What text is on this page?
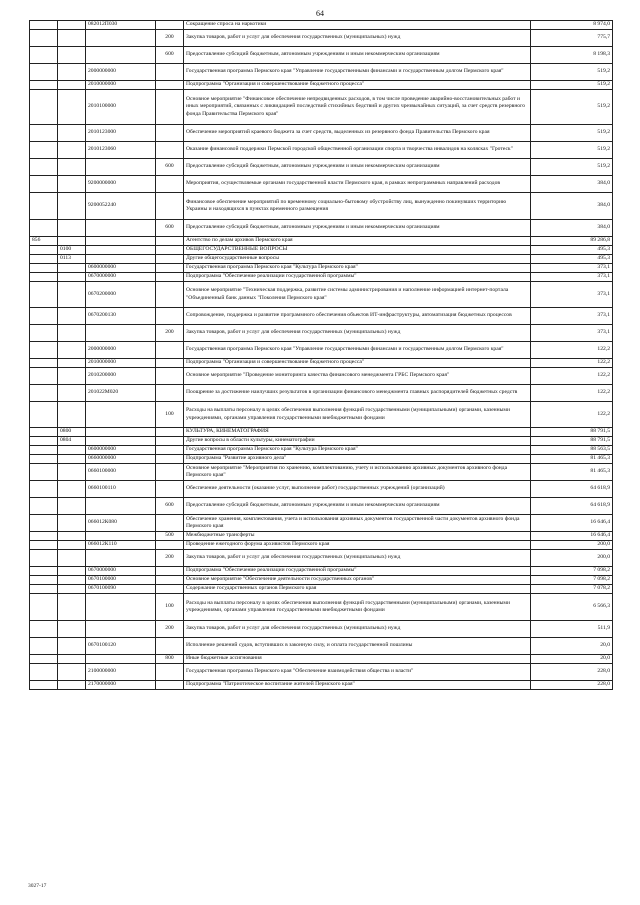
64
		082012П030		Сокращение спроса на наркотики	8 974,0
			200	Закупка товаров, работ и услуг для обеспечения государственных (муниципальных) нужд	775,7
			600	Предоставление субсидий бюджетным, автономным учреждениям и иным некоммерческим организациям	8 198,3
		2000000000		Государственная программа Пермского края "Управление государственными финансами и государственным долгом Пермского края"	519,2
		2010000000		Подпрограмма "Организация и совершенствование бюджетного процесса"	519,2
		2010100000		Основное мероприятие "Финансовое обеспечение непредвиденных расходов, в том числе проведение аварийно-восстановительных работ и иных мероприятий, связанных с ликвидацией последствий стихийных бедствий и других чрезвычайных ситуаций, за счет средств резервного фонда Правительства Пермского края"	519,2
		2010123000		Обеспечение мероприятий краевого бюджета за счет средств, выделенных из резервного фонда Правительства Пермского края	519,2
		2010123060		Оказание финансовой поддержки Пермской городской общественной организации спорта и творчества инвалидов на колясках "Гротеск"	519,2
			600	Предоставление субсидий бюджетным, автономным учреждениям и иным некоммерческим организациям	519,2
		9200000000		Мероприятия, осуществляемые органами государственной власти Пермского края, в рамках непрограммных направлений расходов	384,0
		9200052240		Финансовое обеспечение мероприятий по временному социально-бытовому обустройству лиц, вынужденно покинувших территорию Украины и находящихся в пунктах временного размещения	384,0
			600	Предоставление субсидий бюджетным, автономным учреждениям и иным некоммерческим организациям	384,0
856				Агентство по делам архивов Пермского края	89 286,8
	0100			ОБЩЕГОСУДАРСТВЕННЫЕ ВОПРОСЫ	495,3
	0113			Другие общегосударственные вопросы	495,3
		0600000000		Государственная программа Пермского края "Культура Пермского края"	373,1
		0670000000		Подпрограмма "Обеспечение реализации государственной программы"	373,1
		0670200000		Основное мероприятие "Техническая поддержка, развитие системы администрирования и наполнение информацией интернет-портала "Объединенный банк данных "Поколения Пермского края"	373,1
		0670200130		Сопровождение, поддержка и развитие программного обеспечения объектов ИТ-инфраструктуры, автоматизация бюджетных процессов	373,1
			200	Закупка товаров, работ и услуг для обеспечения государственных (муниципальных) нужд	373,1
		2000000000		Государственная программа Пермского края "Управление государственными финансами и государственным долгом Пермского края"	122,2
		2010000000		Подпрограмма "Организация и совершенствование бюджетного процесса"	122,2
		2010200000		Основное мероприятие "Проведение мониторинга качества финансового менеджмента ГРБС Пермского края"	122,2
		201022М020		Поощрение за достижение наилучших результатов в организации финансового менеджмента главных распорядителей бюджетных средств	122,2
			100	Расходы на выплаты персоналу в целях обеспечения выполнения функций государственными (муниципальными) органами, казенными учреждениями, органами управления государственными внебюджетными фондами	122,2
	0800			КУЛЬТУРА, КИНЕМАТОГРАФИЯ	88 791,5
	0804			Другие вопросы в области культуры, кинематографии	88 791,5
		0600000000		Государственная программа Пермского края "Культура Пермского края"	88 563,5
		0660000000		Подпрограмма "Развитие архивного дела"	81 465,3
		0660100000		Основное мероприятие "Мероприятия по хранению, комплектованию, учету и использованию архивных документов архивного фонда Пермского края"	81 465,3
		0660100110		Обеспечение деятельности (оказание услуг, выполнение работ) государственных учреждений (организаций)	64 618,9
			600	Предоставление субсидий бюджетным, автономным учреждениям и иным некоммерческим организациям	64 618,9
		066012К080		Обеспечение хранения, комплектования, учета и использования архивных документов государственной части документов архивного фонда Пермского края	16 646,4
			500	Межбюджетные трансферты	16 646,4
		066012К110		Проведение ежегодного форума архивистов Пермского края	200,0
			200	Закупка товаров, работ и услуг для обеспечения государственных (муниципальных) нужд	200,0
		0670000000		Подпрограмма "Обеспечение реализации государственной программы"	7 098,2
		0670100000		Основное мероприятие "Обеспечение деятельности государственных органов"	7 098,2
		0670100090		Содержание государственных органов Пермского края	7 078,2
			100	Расходы на выплаты персоналу в целях обеспечения выполнения функций государственными (муниципальными) органами, казенными учреждениями, органами управления государственными внебюджетными фондами	6 566,3
			200	Закупка товаров, работ и услуг для обеспечения государственных (муниципальных) нужд	511,9
		0670100120		Исполнение решений судов, вступивших в законную силу, и оплата государственной пошлины	20,0
			800	Иные бюджетные ассигнования	20,0
		2100000000		Государственная программа Пермского края "Обеспечение взаимодействия общества и власти"	228,0
		2170000000		Подпрограмма "Патриотическое воспитание жителей Пермского края"	228,0
3027-17
